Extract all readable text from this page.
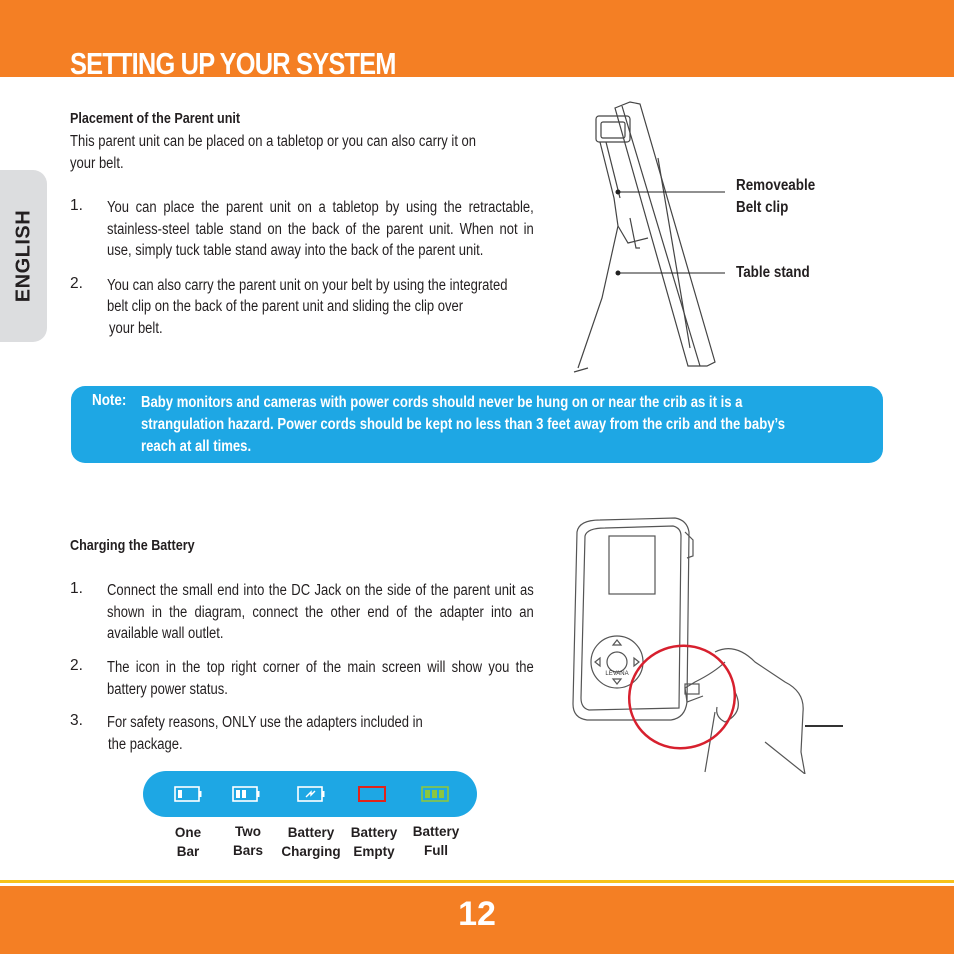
SETTING UP YOUR SYSTEM
ENGLISH
Placement of the Parent unit
This parent unit can be placed on a tabletop or you can also carry it on
your belt.
1. You can place the parent unit on a tabletop by using the retractable, stainless-steel table stand on the back of the parent unit. When not in use, simply tuck table stand away into the back of the parent unit.
2. You can also carry the parent unit on your belt by using the integrated
belt clip on the back of the parent unit and sliding the clip over
your belt.
Removeable
Belt clip
Table stand
Note: Baby monitors and cameras with power cords should never be hung on or near the crib as it is a
strangulation hazard. Power cords should be kept no less than 3 feet away from the crib and the baby’s
reach at all times.
Charging the Battery
1. Connect the small end into the DC Jack on the side of the parent unit as shown in the diagram, connect the other end of the adapter into an available wall outlet.
2. The icon in the top right corner of the main screen will show you the battery power status.
3. For safety reasons, ONLY use the adapters included in
the package.
LEVANA
One
Bar
Two
Bars
Battery
Charging
Battery
Empty
Battery
Full
12
